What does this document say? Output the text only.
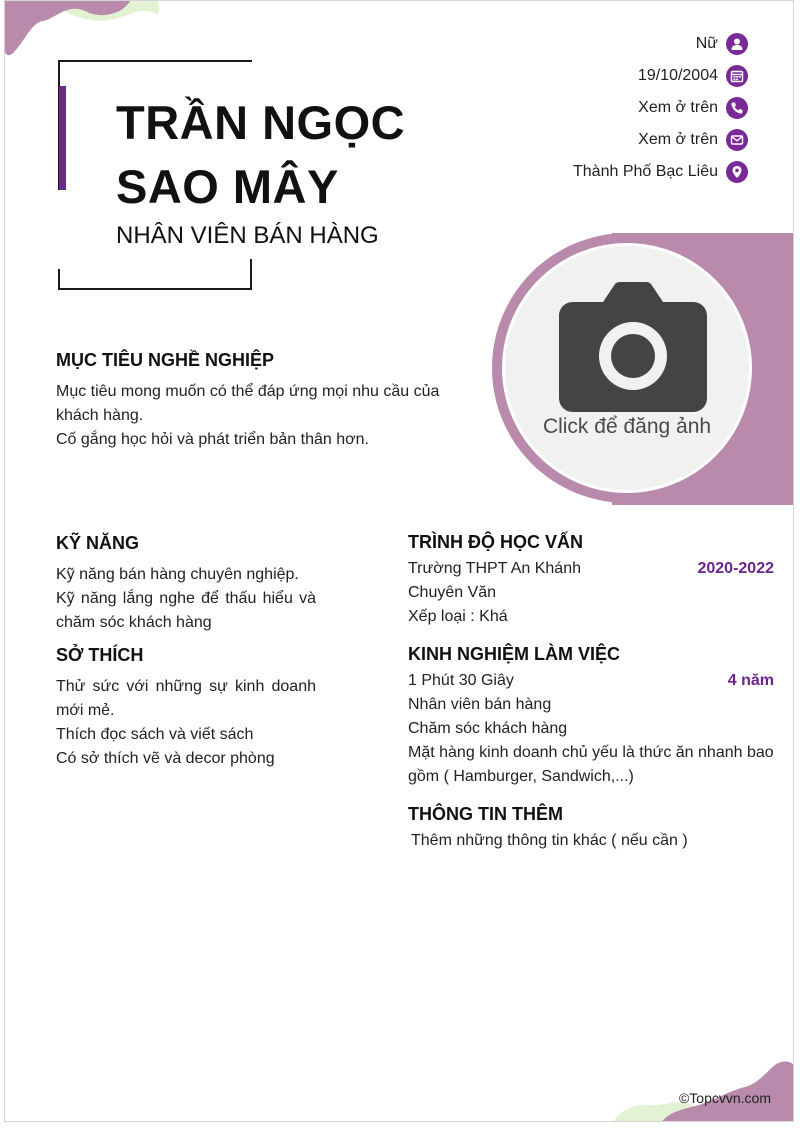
TRẦN NGỌC SAO MÂY
NHÂN VIÊN BÁN HÀNG
Nữ
19/10/2004
Xem ở trên
Xem ở trên
Thành Phố Bạc Liêu
Click để đăng ảnh
MỤC TIÊU NGHỀ NGHIỆP
Mục tiêu mong muốn có thể đáp ứng mọi nhu cầu của khách hàng.
Cố gắng học hỏi và phát triển bản thân hơn.
KỸ NĂNG
Kỹ năng bán hàng chuyên nghiệp.
Kỹ năng lắng nghe để thấu hiểu và chăm sóc khách hàng
SỞ THÍCH
Thử sức với những sự kinh doanh mới mẻ.
Thích đọc sách và viết sách
Có sở thích vẽ và decor phòng
TRÌNH ĐỘ HỌC VẤN
Trường THPT An Khánh	2020-2022
Chuyên Văn
Xếp loại : Khá
KINH NGHIỆM LÀM VIỆC
1 Phút 30 Giây	4 năm
Nhân viên bán hàng
Chăm sóc khách hàng
Mặt hàng kinh doanh chủ yếu là thức ăn nhanh bao gồm ( Hamburger, Sandwich,...)
THÔNG TIN THÊM
Thêm những thông tin khác ( nếu cần )
©Topcvvn.com
